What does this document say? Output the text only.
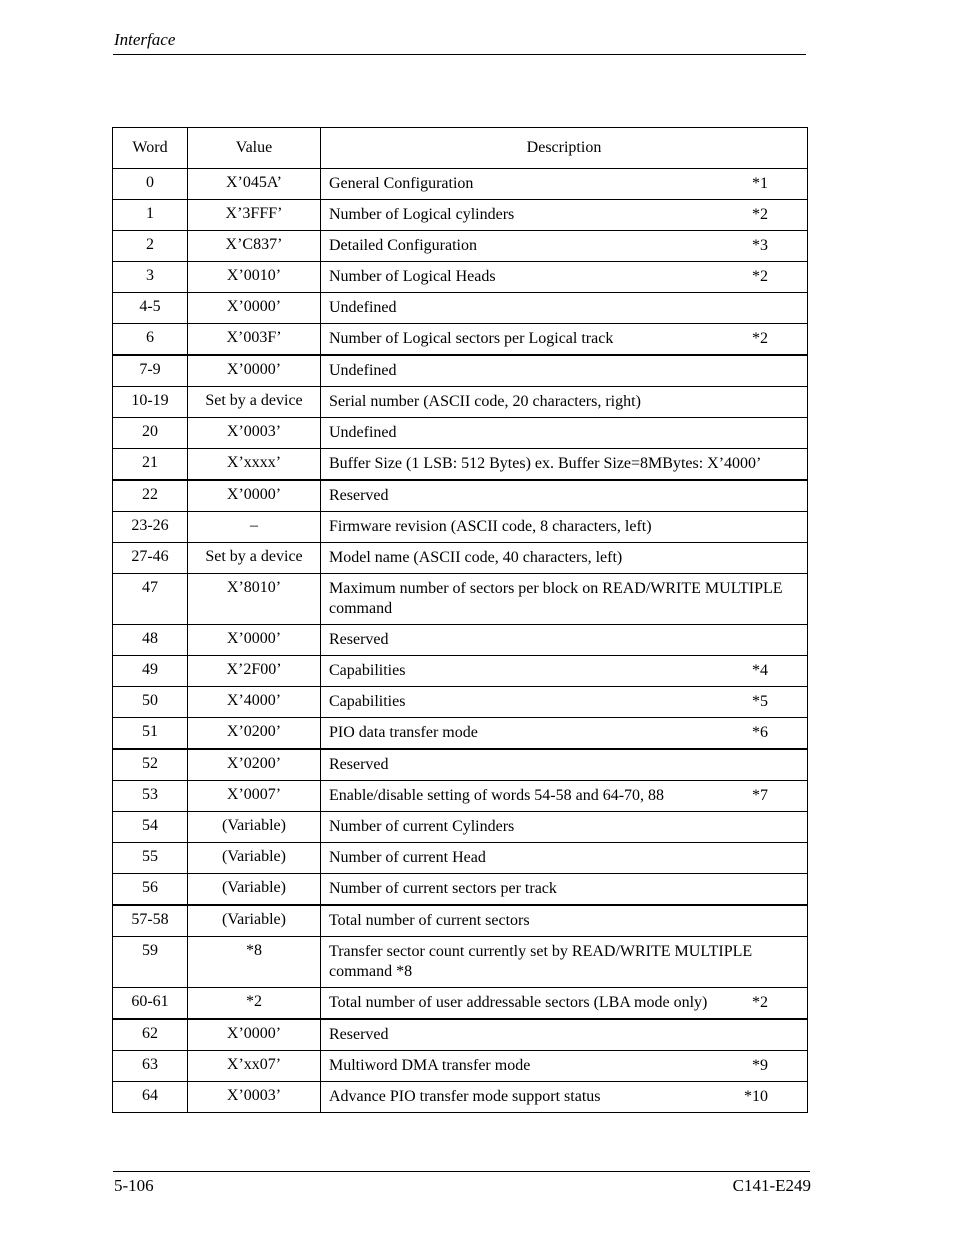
Interface
Word	Value	Description
0	X’045A’	General Configuration *1

1	X’3FFF’	Number of Logical cylinders *2

2	X’C837’	Detailed Configuration *3

3	X’0010’	Number of Logical Heads *2

4-5	X’0000’	Undefined

6	X’003F’	Number of Logical sectors per Logical track *2

7-9	X’0000’	Undefined

10-19	Set by a device	Serial number (ASCII code, 20 characters, right)

20	X’0003’	Undefined

21	X’xxxx’	Buffer Size (1 LSB: 512 Bytes) ex. Buffer Size=8MBytes: X’4000’

22	X’0000’	Reserved

23-26	–	Firmware revision (ASCII code, 8 characters, left)

27-46	Set by a device	Model name (ASCII code, 40 characters, left)

47	X’8010’	Maximum number of sectors per block on READ/WRITE MULTIPLE command

48	X’0000’	Reserved

49	X’2F00’	Capabilities *4

50	X’4000’	Capabilities *5

51	X’0200’	PIO data transfer mode *6

52	X’0200’	Reserved

53	X’0007’	Enable/disable setting of words 54-58 and 64-70, 88 *7

54	(Variable)	Number of current Cylinders

55	(Variable)	Number of current Head

56	(Variable)	Number of current sectors per track

57-58	(Variable)	Total number of current sectors

59	*8	Transfer sector count currently set by READ/WRITE MULTIPLE command *8

60-61	*2	Total number of user addressable sectors (LBA mode only) *2

62	X’0000’	Reserved

63	X’xx07’	Multiword DMA transfer mode *9

64	X’0003’	Advance PIO transfer mode support status *10
5-106	C141-E249
